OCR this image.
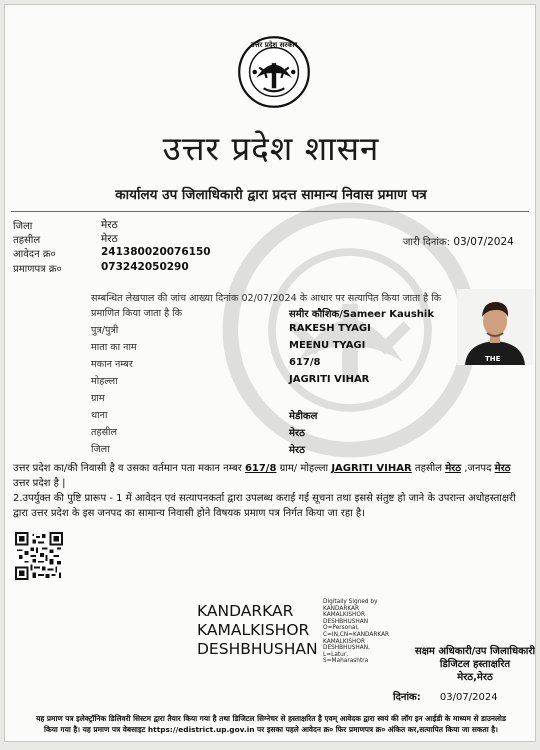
उत्तर प्रदेश सरकार
उत्तर प्रदेश शासन
कार्यालय उप जिलाधिकारी द्वारा प्रदत्त सामान्य निवास प्रमाण पत्र
जिला	मेरठ
तहसील	मेरठ
आवेदन क्र०	241380020076150
प्रमाणपत्र क्र०	073242050290
जारी दिनांक: 03/07/2024
सम्बन्धित लेखपाल की जांच आख्या दिनांक 02/07/2024 के आधार पर सत्यापित किया जाता है कि
प्रमाणित किया जाता है कि	समीर कौशिक/Sameer Kaushik
पुत्र/पुत्री	RAKESH TYAGI
माता का नाम	MEENU TYAGI
मकान नम्बर	617/8
मोहल्ला	JAGRITI VIHAR
ग्राम
थाना	मेडीकल
तहसील	मेरठ
जिला	मेरठ
THE
उत्तर प्रदेश का/की निवासी है व उसका वर्तमान पता मकान नम्बर 617/8 ग्राम/ मोहल्ला JAGRITI VIHAR तहसील मेरठ ,जनपद मेरठ उत्तर प्रदेश है |
2.उपर्युक्त की पुष्टि प्रारूप - 1 में आवेदन एवं सत्यापनकर्ता द्वारा उपलब्ध कराई गई सूचना तथा इससे संतुष्ट हो जाने के उपरान्त अधोहस्ताक्षरी द्वारा उत्तर प्रदेश के इस जनपद का सामान्य निवासी होने विषयक प्रमाण पत्र निर्गत किया जा रहा है।
KANDARKAR
KAMALKISHOR
DESHBHUSHAN
Digitally Signed by
KANDARKAR
KAMALKISHOR
DESHBHUSHAN
O=Personal,
C=IN,CN=KANDARKAR
KAMALKISHOR
DESHBHUSHAN,
L=Latur,
S=Maharashtra
सक्षम अधिकारी/उप जिलाधिकारी
डिजिटल हस्ताक्षरित
मेरठ,मेरठ
दिनांक: 03/07/2024
यह प्रमाण पत्र इलेक्ट्रॉनिक डिलिवरी सिस्टम द्वारा तैयार किया गया है तथा डिजिटल सिग्नेचर से हस्ताक्षरित है एवम् आवेदक द्वारा स्वयं की लॉग इन आईडी के माध्यम से डाउनलोड
किया गया है। यह प्रमाण पत्र वेबसाइट https://edistrict.up.gov.in पर इसका पहले आवेदन क्र० फिर प्रमाणपत्र क्र० अंकित कर,सत्यापित किया जा सकता है।
